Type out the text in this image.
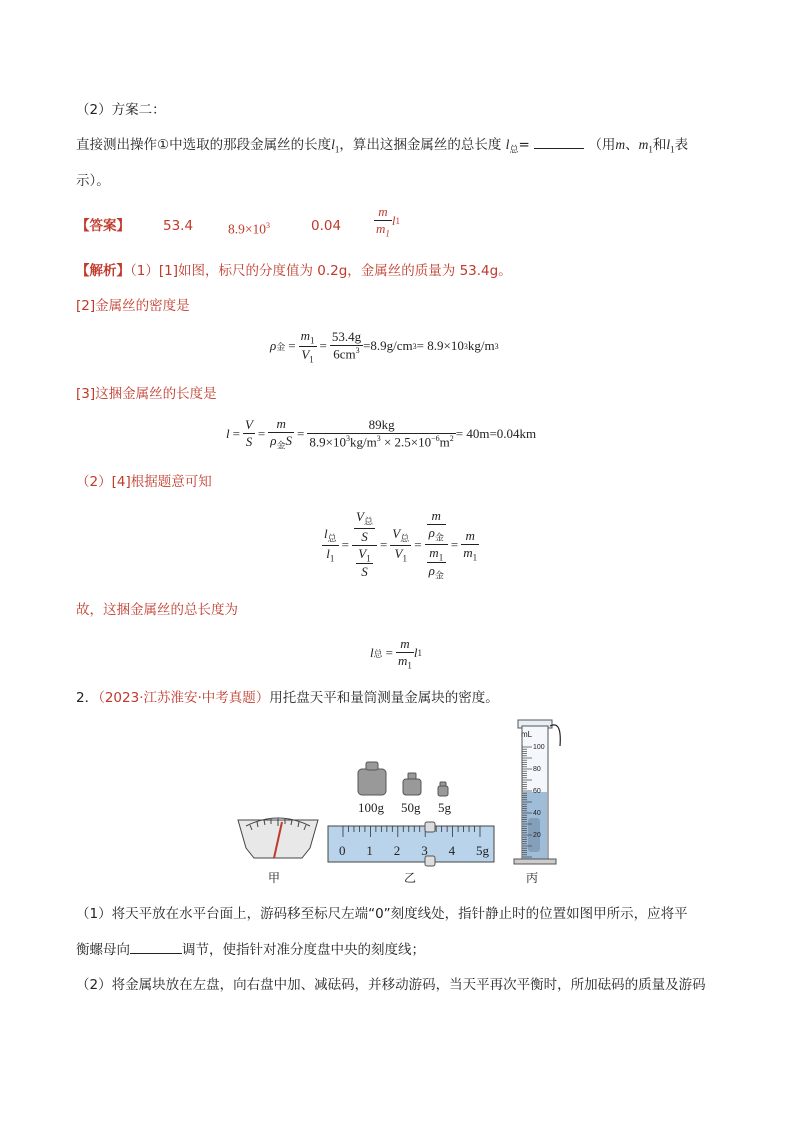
（2）方案二：
直接测出操作①中选取的那段金属丝的长度$l_1$，算出这捆金属丝的总长度 $l_总=$	（用m、$m_1$和$l_1$表
示）。
【答案】 53.4	$8.9\times 10^3$	0.04	$\frac{m}{m_1}$ l 1
【解析】（1）[1]如图，标尺的分度值为 0.2g，金属丝的质量为 53.4g。
[2]金属丝的密度是
ρ 金 = $\frac{m_1}{V_1} = \frac{53.4g}{6cm^3} =8.9g/cm$ 3 = 8.9×10 3 kg/m 3
[3]这捆金属丝的长度是
$l = \frac{V}{S} = \frac{m}{\rho_金S} = \frac{89kg}{8.9\times 10^3kg/m^3 \times 2.5\times 10^{-6}m^2} = 40m=0.04km$
（2）[4]根据题意可知
$\frac{l_总}{l_1} = \frac{\frac{V_总}{S}}{\frac{V_1}{S}} = \frac{V_总}{V_1} = \frac{\frac{m}{\rho_金}}{\frac{m_1}{\rho_金}} = \frac{m}{m_1}$
故，这捆金属丝的总长度为
l 总 = $\frac{m}{m_1}$ l 1
2．（2023·江苏淮安·中考真题）用托盘天平和量筒测量金属块的密度。
100g 50g 5g
0 1 2 3 4 5g
mL
100
80
60
40
20
甲	乙	丙
（1）将天平放在水平台面上，游码移至标尺左端“0”刻度线处，指针静止时的位置如图甲所示，应将平
衡螺母向	调节，使指针对准分度盘中央的刻度线；
（2）将金属块放在左盘，向右盘中加、减砝码，并移动游码，当天平再次平衡时，所加砝码的质量及游码
